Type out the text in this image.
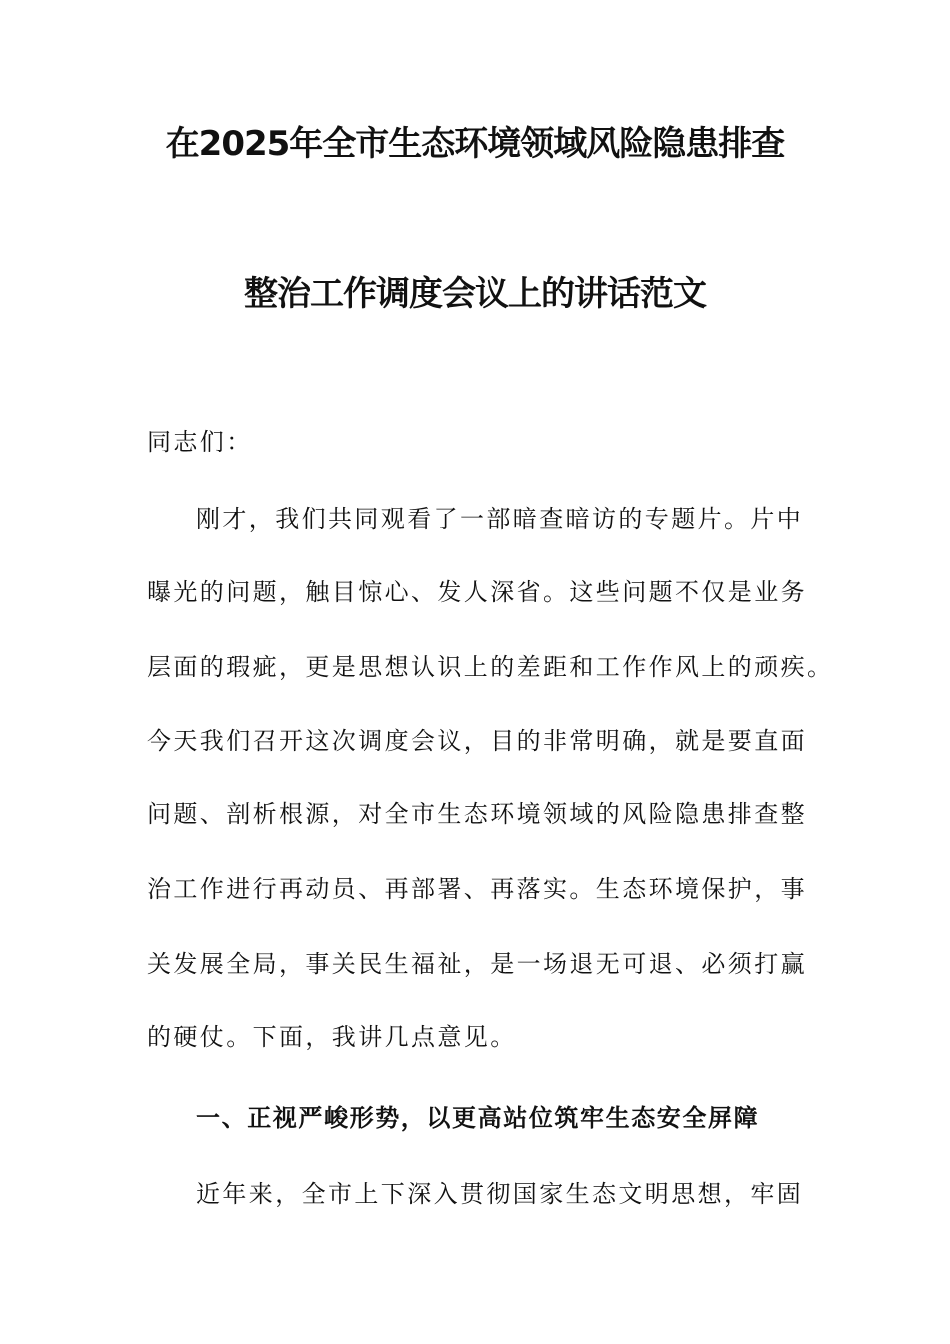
在2025年全市生态环境领域风险隐患排查
整治工作调度会议上的讲话范文
同志们：
刚才，我们共同观看了一部暗查暗访的专题片。片中
曝光的问题，触目惊心、发人深省。这些问题不仅是业务
层面的瑕疵，更是思想认识上的差距和工作作风上的顽疾。
今天我们召开这次调度会议，目的非常明确，就是要直面
问题、剖析根源，对全市生态环境领域的风险隐患排查整
治工作进行再动员、再部署、再落实。生态环境保护，事
关发展全局，事关民生福祉，是一场退无可退、必须打赢
的硬仗。下面，我讲几点意见。
一、正视严峻形势，以更高站位筑牢生态安全屏障
近年来，全市上下深入贯彻国家生态文明思想，牢固
